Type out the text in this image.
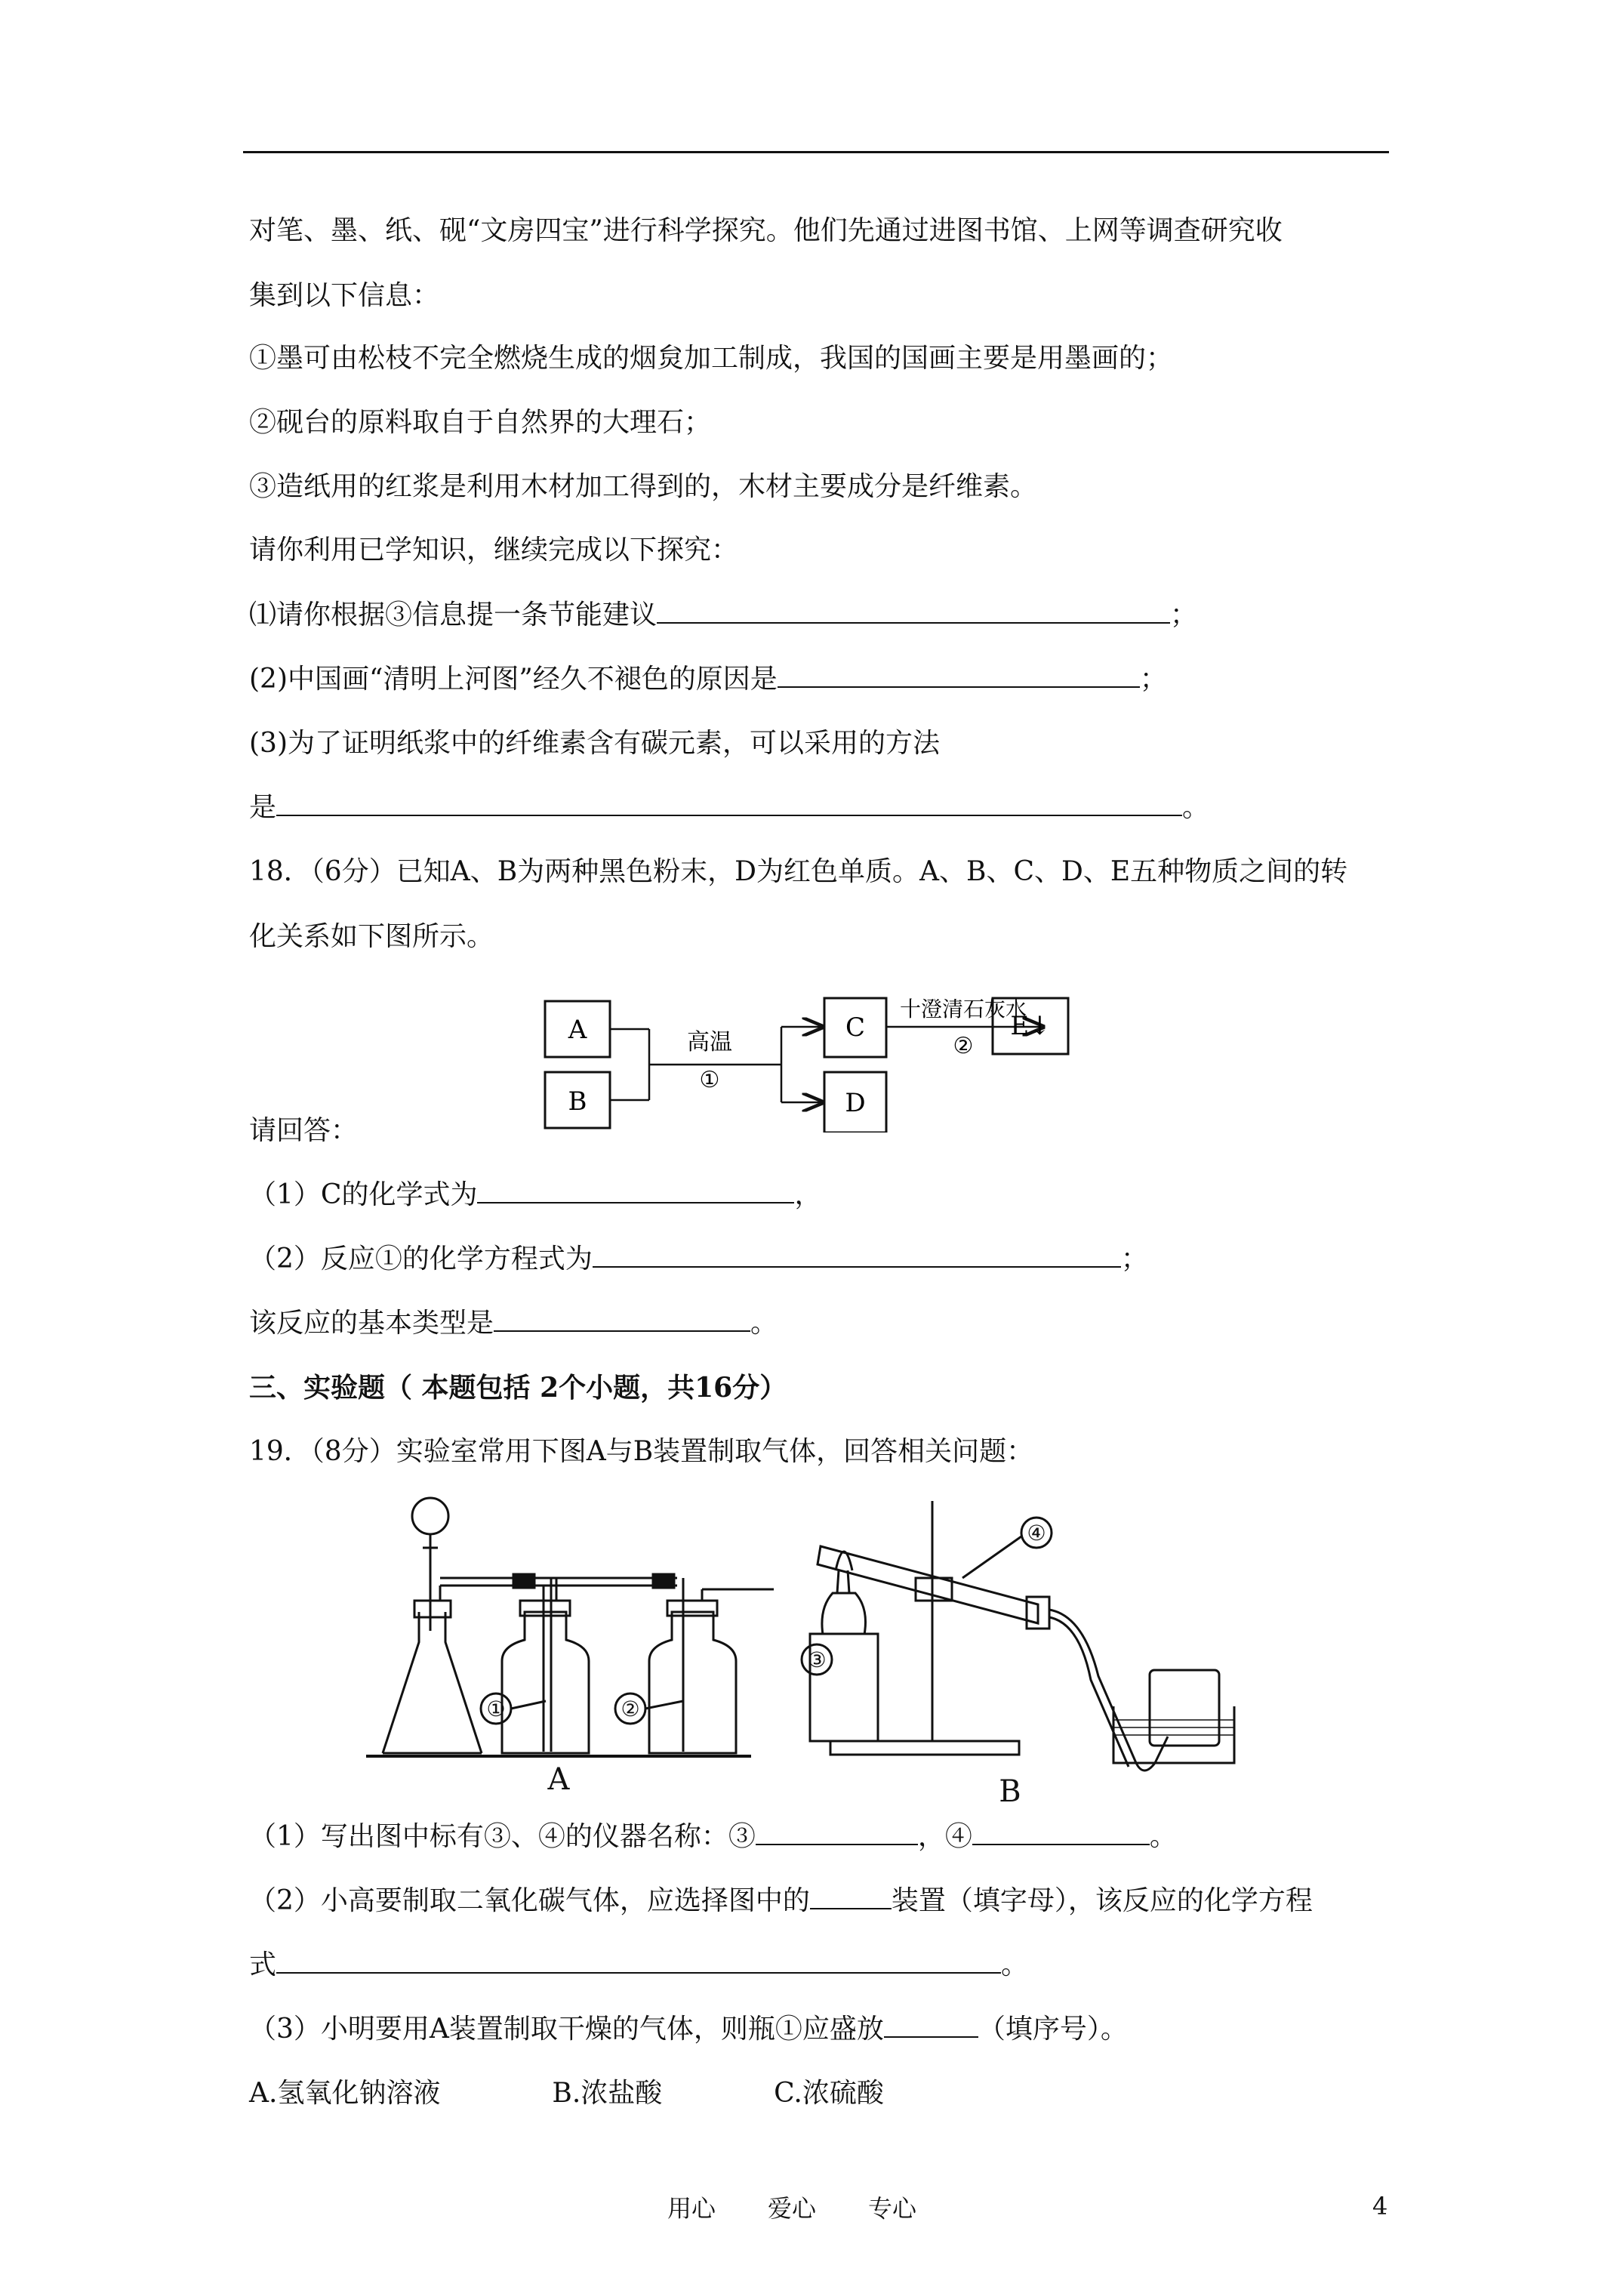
对笔、墨、纸、砚“文房四宝”进行科学探究。他们先通过进图书馆、上网等调查研究收
集到以下信息：
①墨可由松枝不完全燃烧生成的烟炱加工制成，我国的国画主要是用墨画的；
②砚台的原料取自于自然界的大理石；
③造纸用的红浆是利用木材加工得到的，木材主要成分是纤维素。
请你利用已学知识，继续完成以下探究：
⑴请你根据③信息提一条节能建议	；
(2)中国画“清明上河图”经久不褪色的原因是	；
(3)为了证明纸浆中的纤维素含有碳元素，可以采用的方法
是	。
18．（6分）已知A、B为两种黑色粉末，D为红色单质。A、B、C、D、E五种物质之间的转
化关系如下图所示。
A
B
高温
①
C
D
十澄清石灰水
②
E↓
请回答：
（1）C的化学式为	，
（2）反应①的化学方程式为	；
该反应的基本类型是	。
三、实验题（ 本题包括 2个小题，共16分）
19．（8分）实验室常用下图A与B装置制取气体，回答相关问题：
①	②
③
④
A	B
（1）写出图中标有③、④的仪器名称：③	，④	。
（2）小高要制取二氧化碳气体，应选择图中的	装置（填字母），该反应的化学方程
式	。
（3）小明要用A装置制取干燥的气体，则瓶①应盛放	（填序号）。
A.氢氧化钠溶液	B.浓盐酸	C.浓硫酸
用心 爱心 专心	4
